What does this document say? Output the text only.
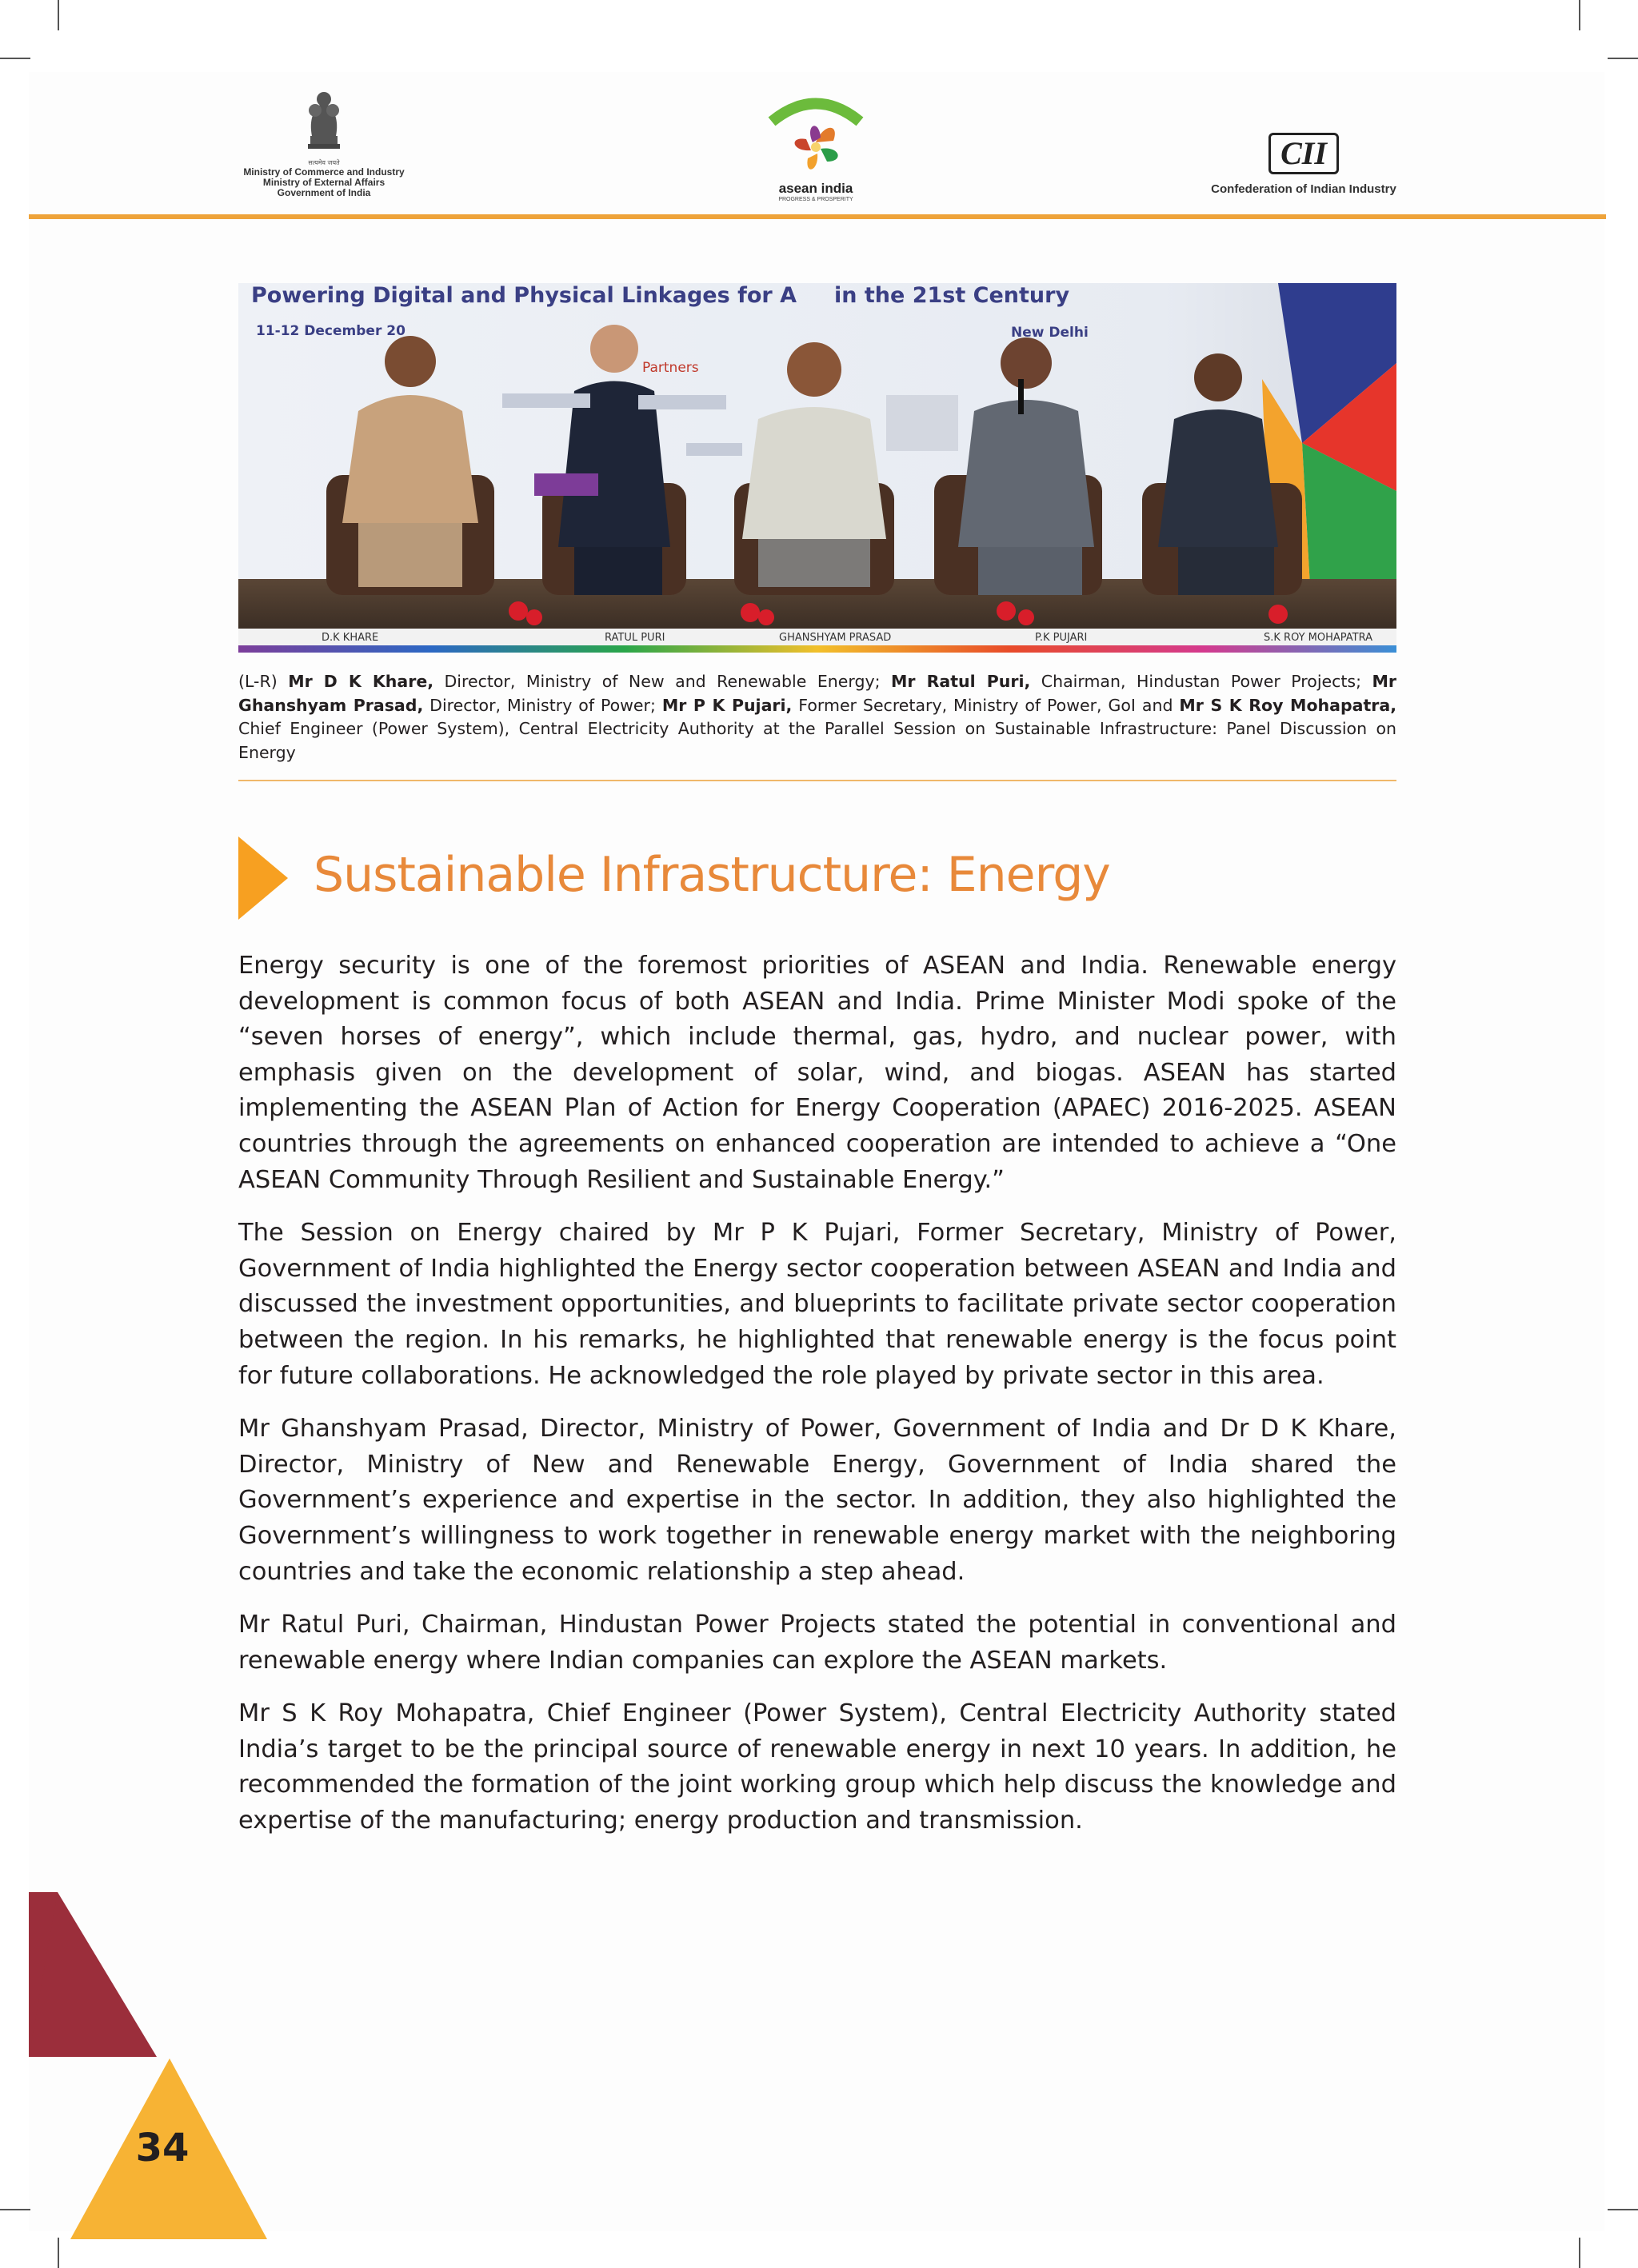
सत्यमेव जयते
Ministry of Commerce and Industry
Ministry of External Affairs
Government of India	asean india
PROGRESS & PROSPERITY
CII
Confederation of Indian Industry
Powering Digital and Physical Linkages for A     in the 21st Century
11-12 December 20	New Delhi
Partners
D.K KHARE	RATUL PURI	GHANSHYAM PRASAD	P.K PUJARI	S.K ROY MOHAPATRA
(L-R) Mr D K Khare, Director, Ministry of New and Renewable Energy; Mr Ratul Puri, Chairman, Hindustan Power Projects; Mr Ghanshyam Prasad, Director, Ministry of Power; Mr P K Pujari, Former Secretary, Ministry of Power, GoI and Mr S K Roy Mohapatra, Chief Engineer (Power System), Central Electricity Authority at the Parallel Session on Sustainable Infrastructure: Panel Discussion on Energy
Sustainable Infrastructure: Energy

Energy security is one of the foremost priorities of ASEAN and India. Renewable energy development is common focus of both ASEAN and India. Prime Minister Modi spoke of the “seven horses of energy”, which include thermal, gas, hydro, and nuclear power, with emphasis given on the development of solar, wind, and biogas. ASEAN has started implementing the ASEAN Plan of Action for Energy Cooperation (APAEC) 2016-2025. ASEAN countries through the agreements on enhanced cooperation are intended to achieve a “One ASEAN Community Through Resilient and Sustainable Energy.”

The Session on Energy chaired by Mr P K Pujari, Former Secretary, Ministry of Power, Government of India highlighted the Energy sector cooperation between ASEAN and India and discussed the investment opportunities, and blueprints to facilitate private sector cooperation between the region. In his remarks, he highlighted that renewable energy is the focus point for future collaborations. He acknowledged the role played by private sector in this area.

Mr Ghanshyam Prasad, Director, Ministry of Power, Government of India and Dr D K Khare, Director, Ministry of New and Renewable Energy, Government of India shared the Government’s experience and expertise in the sector. In addition, they also highlighted the Government’s willingness to work together in renewable energy market with the neighboring countries and take the economic relationship a step ahead.

Mr Ratul Puri, Chairman, Hindustan Power Projects stated the potential in conventional and renewable energy where Indian companies can explore the ASEAN markets.

Mr S K Roy Mohapatra, Chief Engineer (Power System), Central Electricity Authority stated India’s target to be the principal source of renewable energy in next 10 years. In addition, he recommended the formation of the joint working group which help discuss the knowledge and expertise of the manufacturing; energy production and transmission.

34
